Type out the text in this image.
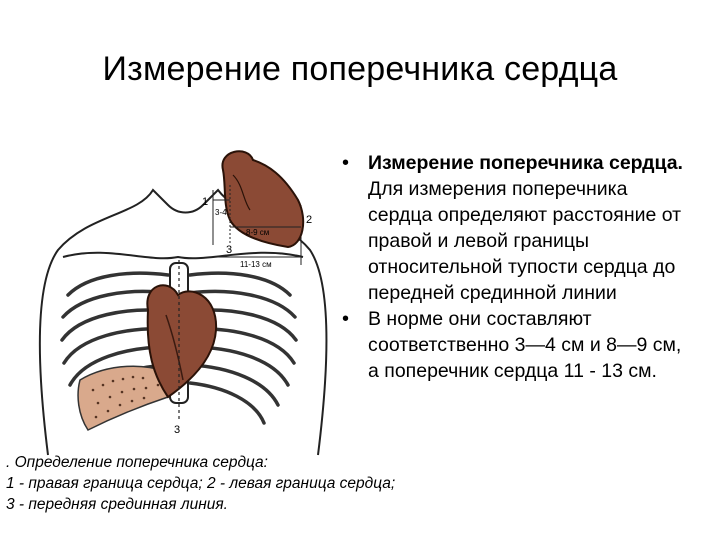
Измерение поперечника сердца
3
1
2
3
3-4
8-9 см
11-13 см

• Измерение поперечника сердца. Для измерения поперечника сердца определяют расстояние от правой и левой границы относительной тупости сердца до передней срединной линии

• В норме они составляют соответственно 3—4 см и 8—9 см, а поперечник сердца 11 - 13 см.

. Определение поперечника сердца:
1 - правая граница сердца; 2 - левая граница сердца;
3 - передняя срединная линия.
